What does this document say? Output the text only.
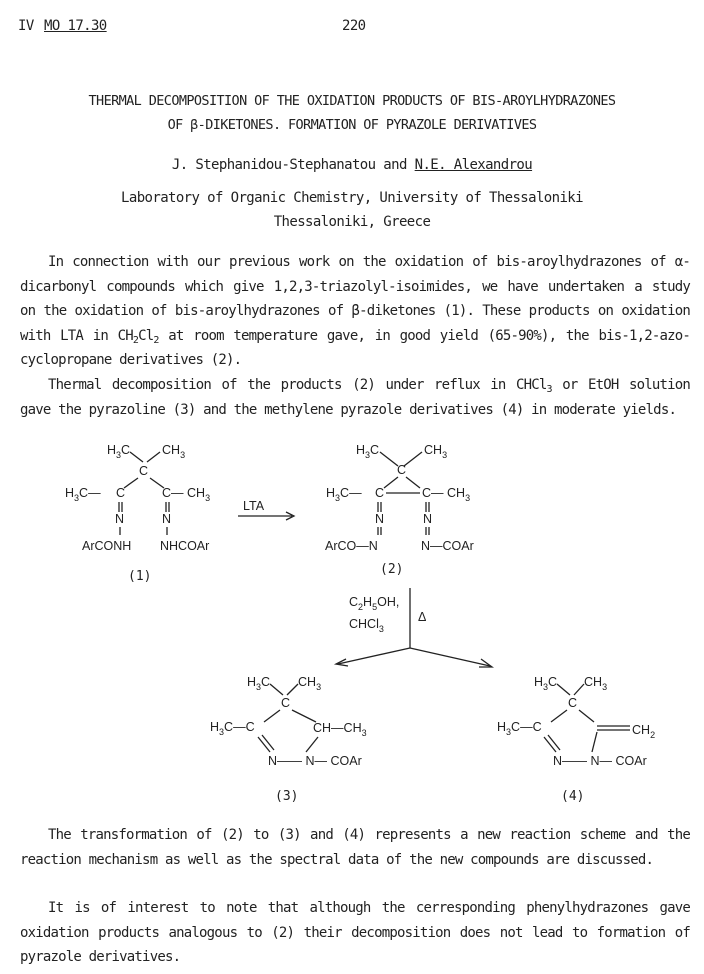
IV MO 17.30	220
THERMAL DECOMPOSITION OF THE OXIDATION PRODUCTS OF BIS-AROYLHYDRAZONES
OF β-DIKETONES. FORMATION OF PYRAZOLE DERIVATIVES
J. Stephanidou-Stephanatou and N.E. Alexandrou
Laboratory of Organic Chemistry, University of Thessaloniki
Thessaloniki, Greece

In connection with our previous work on the oxidation of bis-aroylhydrazones of α-dicarbonyl compounds which give 1,2,3-triazolyl-isoimides, we have undertaken a study on the oxidation of bis-aroylhydrazones of β-diketones (1). These products on oxidation with LTA in $CH_2Cl_2$ at room temperature gave, in good yield (65-90%), the bis-1,2-azo-cyclopropane derivatives (2).

Thermal decomposition of the products (2) under reflux in CHCl$_3$ or EtOH solution gave the pyrazoline (3) and the methylene pyrazole derivatives (4) in moderate yields.

$H_3C$	$CH_3$
C
$H_3C—$ C	C— $CH_3$
N	N
ArCONH NHCOAr
(1)
LTA
$H_3C$	$CH_3$
C
$H_3C—$ C	C— $CH_3$
N	N
ArCO—N	N—COAr
(2)
$C_2H_5OH$,
CHCl$_3$
Δ
$H_3C$ $CH_3$
C
$H_3C—C$	$CH—CH_3$
N—— N— COAr
(3)
$H_3C$ $CH_3$
C
$H_3C—C$	$CH_2$
N—— N— COAr
(4)

The transformation of (2) to (3) and (4) represents a new reaction scheme and the reaction mechanism as well as the spectral data of the new compounds are discussed.

It is of interest to note that although the cerresponding phenylhydrazones gave oxidation products analogous to (2) their decomposition does not lead to formation of pyrazole derivatives.
